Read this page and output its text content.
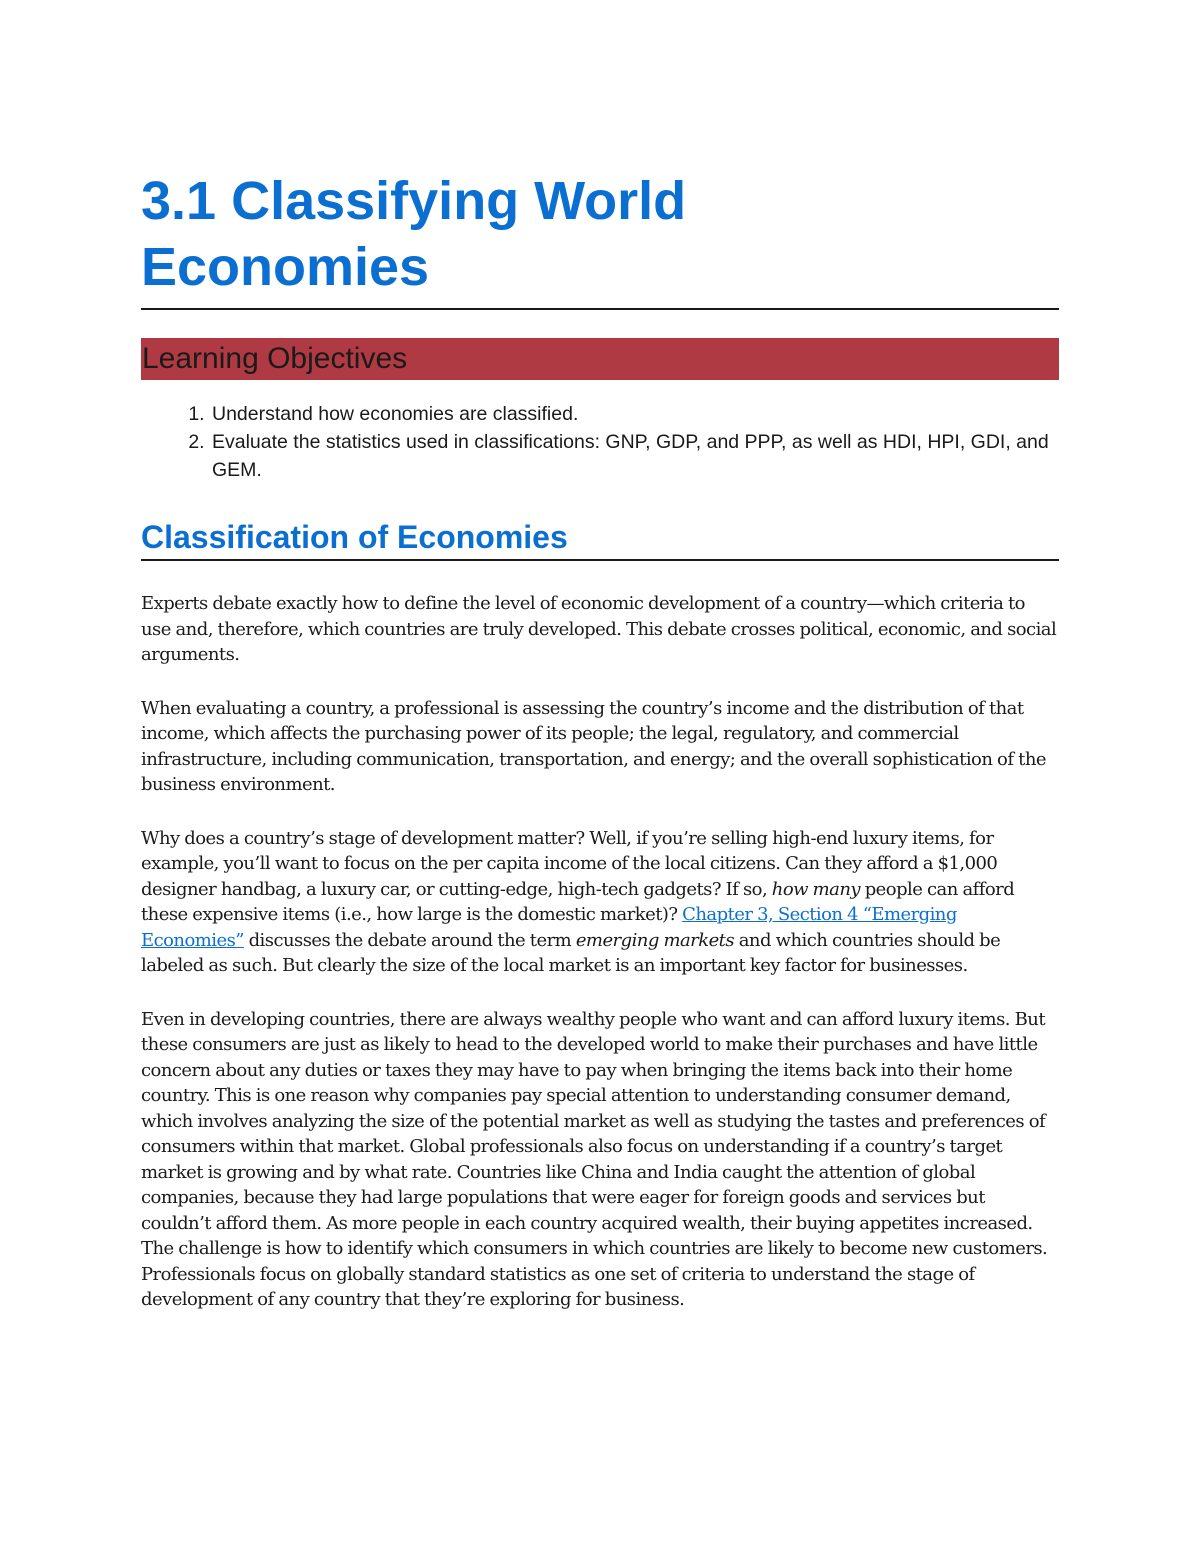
3.1 Classifying World
Economies
Learning Objectives
1. Understand how economies are classified.
2. Evaluate the statistics used in classifications: GNP, GDP, and PPP, as well as HDI, HPI, GDI, and GEM.
Classification of Economies

Experts debate exactly how to define the level of economic development of a country—which criteria to use and, therefore, which countries are truly developed. This debate crosses political, economic, and social arguments.

When evaluating a country, a professional is assessing the country’s income and the distribution of that income, which affects the purchasing power of its people; the legal, regulatory, and commercial infrastructure, including communication, transportation, and energy; and the overall sophistication of the business environment.

Why does a country’s stage of development matter? Well, if you’re selling high-end luxury items, for example, you’ll want to focus on the per capita income of the local citizens. Can they afford a $1,000 designer handbag, a luxury car, or cutting-edge, high-tech gadgets? If so, how many people can afford these expensive items (i.e., how large is the domestic market)? Chapter 3, Section 4 “Emerging Economies” discusses the debate around the term emerging markets and which countries should be labeled as such. But clearly the size of the local market is an important key factor for businesses.

Even in developing countries, there are always wealthy people who want and can afford luxury items. But these consumers are just as likely to head to the developed world to make their purchases and have little concern about any duties or taxes they may have to pay when bringing the items back into their home country. This is one reason why companies pay special attention to understanding consumer demand, which involves analyzing the size of the potential market as well as studying the tastes and preferences of consumers within that market. Global professionals also focus on understanding if a country’s target market is growing and by what rate. Countries like China and India caught the attention of global companies, because they had large populations that were eager for foreign goods and services but couldn’t afford them. As more people in each country acquired wealth, their buying appetites increased. The challenge is how to identify which consumers in which countries are likely to become new customers. Professionals focus on globally standard statistics as one set of criteria to understand the stage of development of any country that they’re exploring for business.
